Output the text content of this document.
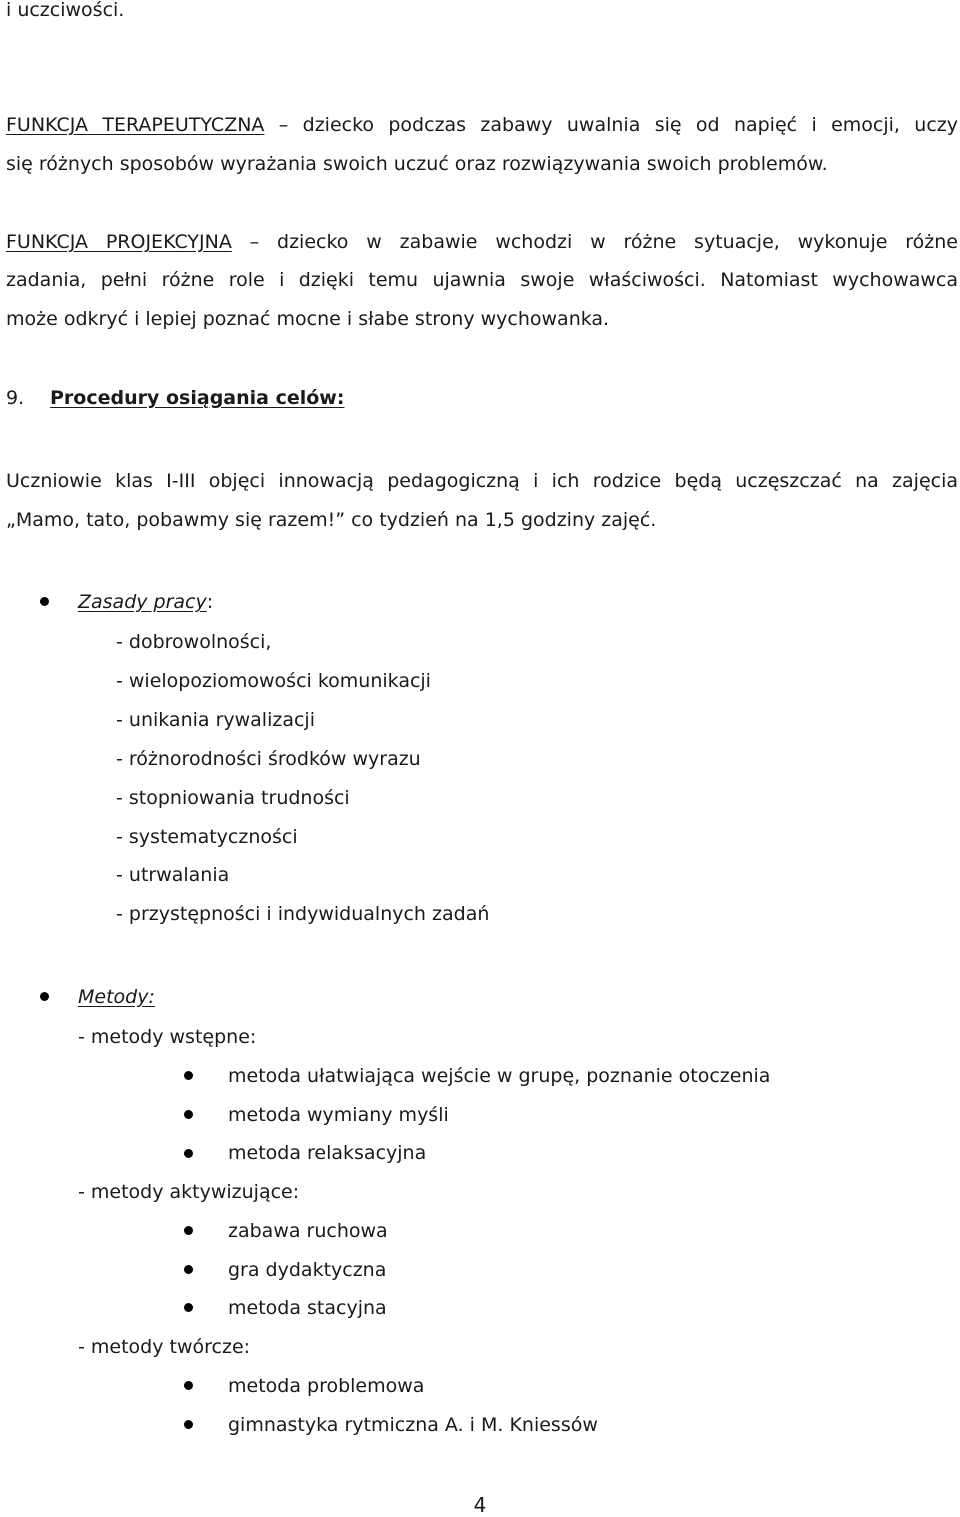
i uczciwości.
FUNKCJA TERAPEUTYCZNA – dziecko podczas zabawy uwalnia się od napięć i emocji, uczy
się różnych sposobów wyrażania swoich uczuć oraz rozwiązywania swoich problemów.
FUNKCJA PROJEKCYJNA – dziecko w zabawie wchodzi w różne sytuacje, wykonuje różne
zadania, pełni różne role i dzięki temu ujawnia swoje właściwości. Natomiast wychowawca
może odkryć i lepiej poznać mocne i słabe strony wychowanka.
9. Procedury osiągania celów:
Uczniowie klas I-III objęci innowacją pedagogiczną i ich rodzice będą uczęszczać na zajęcia
„Mamo, tato, pobawmy się razem!” co tydzień na 1,5 godziny zajęć.
Zasady pracy:
- dobrowolności,
- wielopoziomowości komunikacji
- unikania rywalizacji
- różnorodności środków wyrazu
- stopniowania trudności
- systematyczności
- utrwalania
- przystępności i indywidualnych zadań
Metody:
- metody wstępne:
metoda ułatwiająca wejście w grupę, poznanie otoczenia
metoda wymiany myśli
metoda relaksacyjna
- metody aktywizujące:
zabawa ruchowa
gra dydaktyczna
metoda stacyjna
- metody twórcze:
metoda problemowa
gimnastyka rytmiczna A. i M. Kniessów
4
